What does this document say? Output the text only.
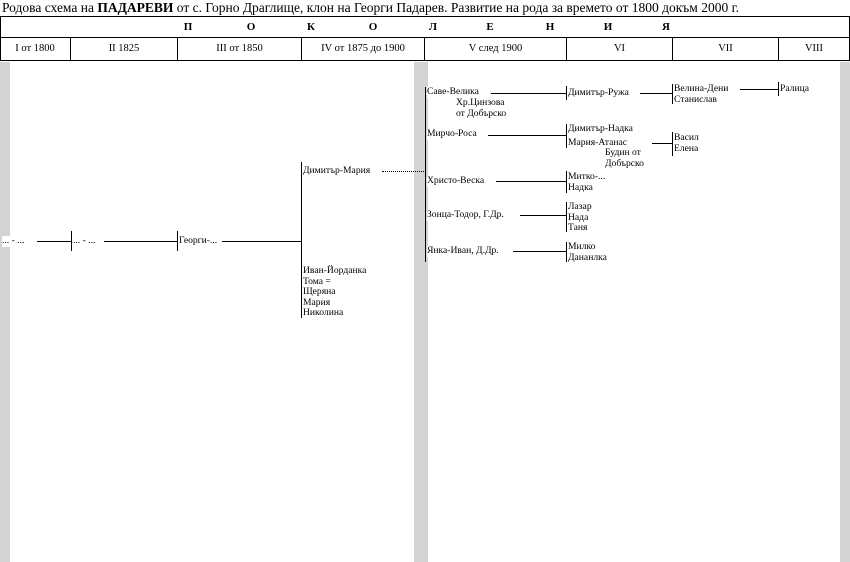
Родова схема на ПАДАРЕВИ от с. Горно Драглище, клон на Георги Падарев. Развитие на рода за времето от 1800 докъм 2000 г.
П	О	К	О	Л	Е	Н	И	Я
I от 1800	II 1825	III от 1850	IV от 1875 до 1900	V след 1900	VI	VII	VIII
... - ...	... - ...	Георги-...
Димитър-Мария
Иван-Йорданка
Тома =
Щеряна
Мария
Николина
Саве-Велика
Хр.Цинзова
от Добърско
Мирчо-Роса
Христо-Веска
Зонца-Тодор, Г.Др.
Янка-Иван, Д.Др.
Димитър-Ружа
Димитър-Надка
Мария-Атанас
Будин от
Добърско
Митко-...
Надка
Лазар
Нада
Таня
Милко
Дананлка
Велина-Дени
Станислав
Васил
Елена
Ралица
